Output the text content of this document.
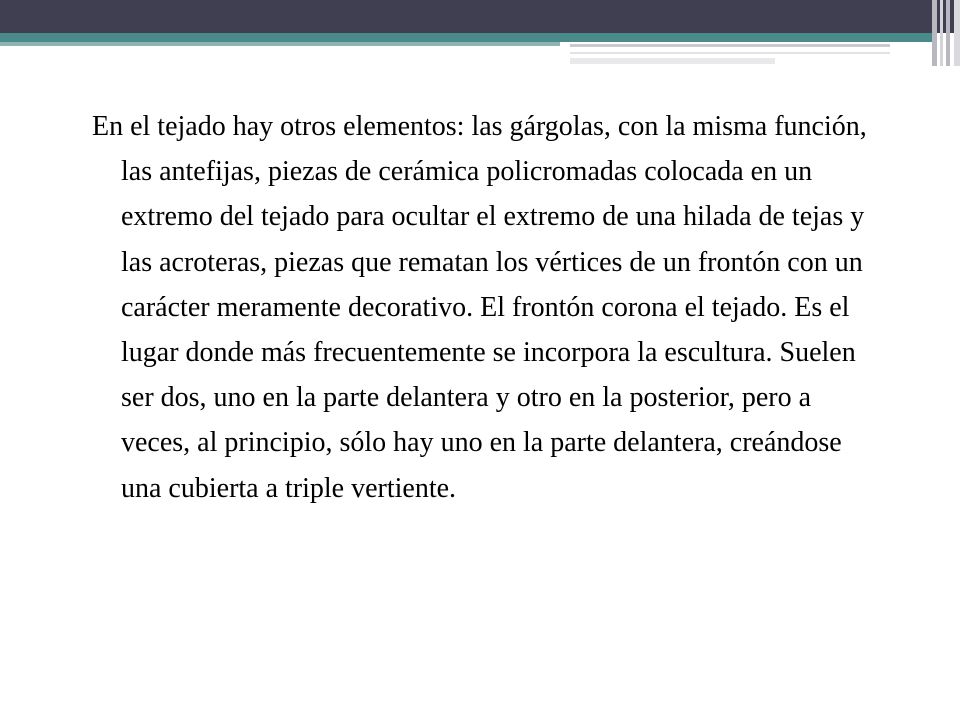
En el tejado hay otros elementos: las gárgolas, con la misma función, las antefijas, piezas de cerámica policromadas colocada en un extremo del tejado para ocultar el extremo de una hilada de tejas y las acroteras, piezas que rematan los vértices de un frontón con un carácter meramente decorativo. El frontón corona el tejado. Es el lugar donde más frecuentemente se incorpora la escultura. Suelen ser dos, uno en la parte delantera y otro en la posterior, pero a veces, al principio, sólo hay uno en la parte delantera, creándose una cubierta a triple vertiente.
